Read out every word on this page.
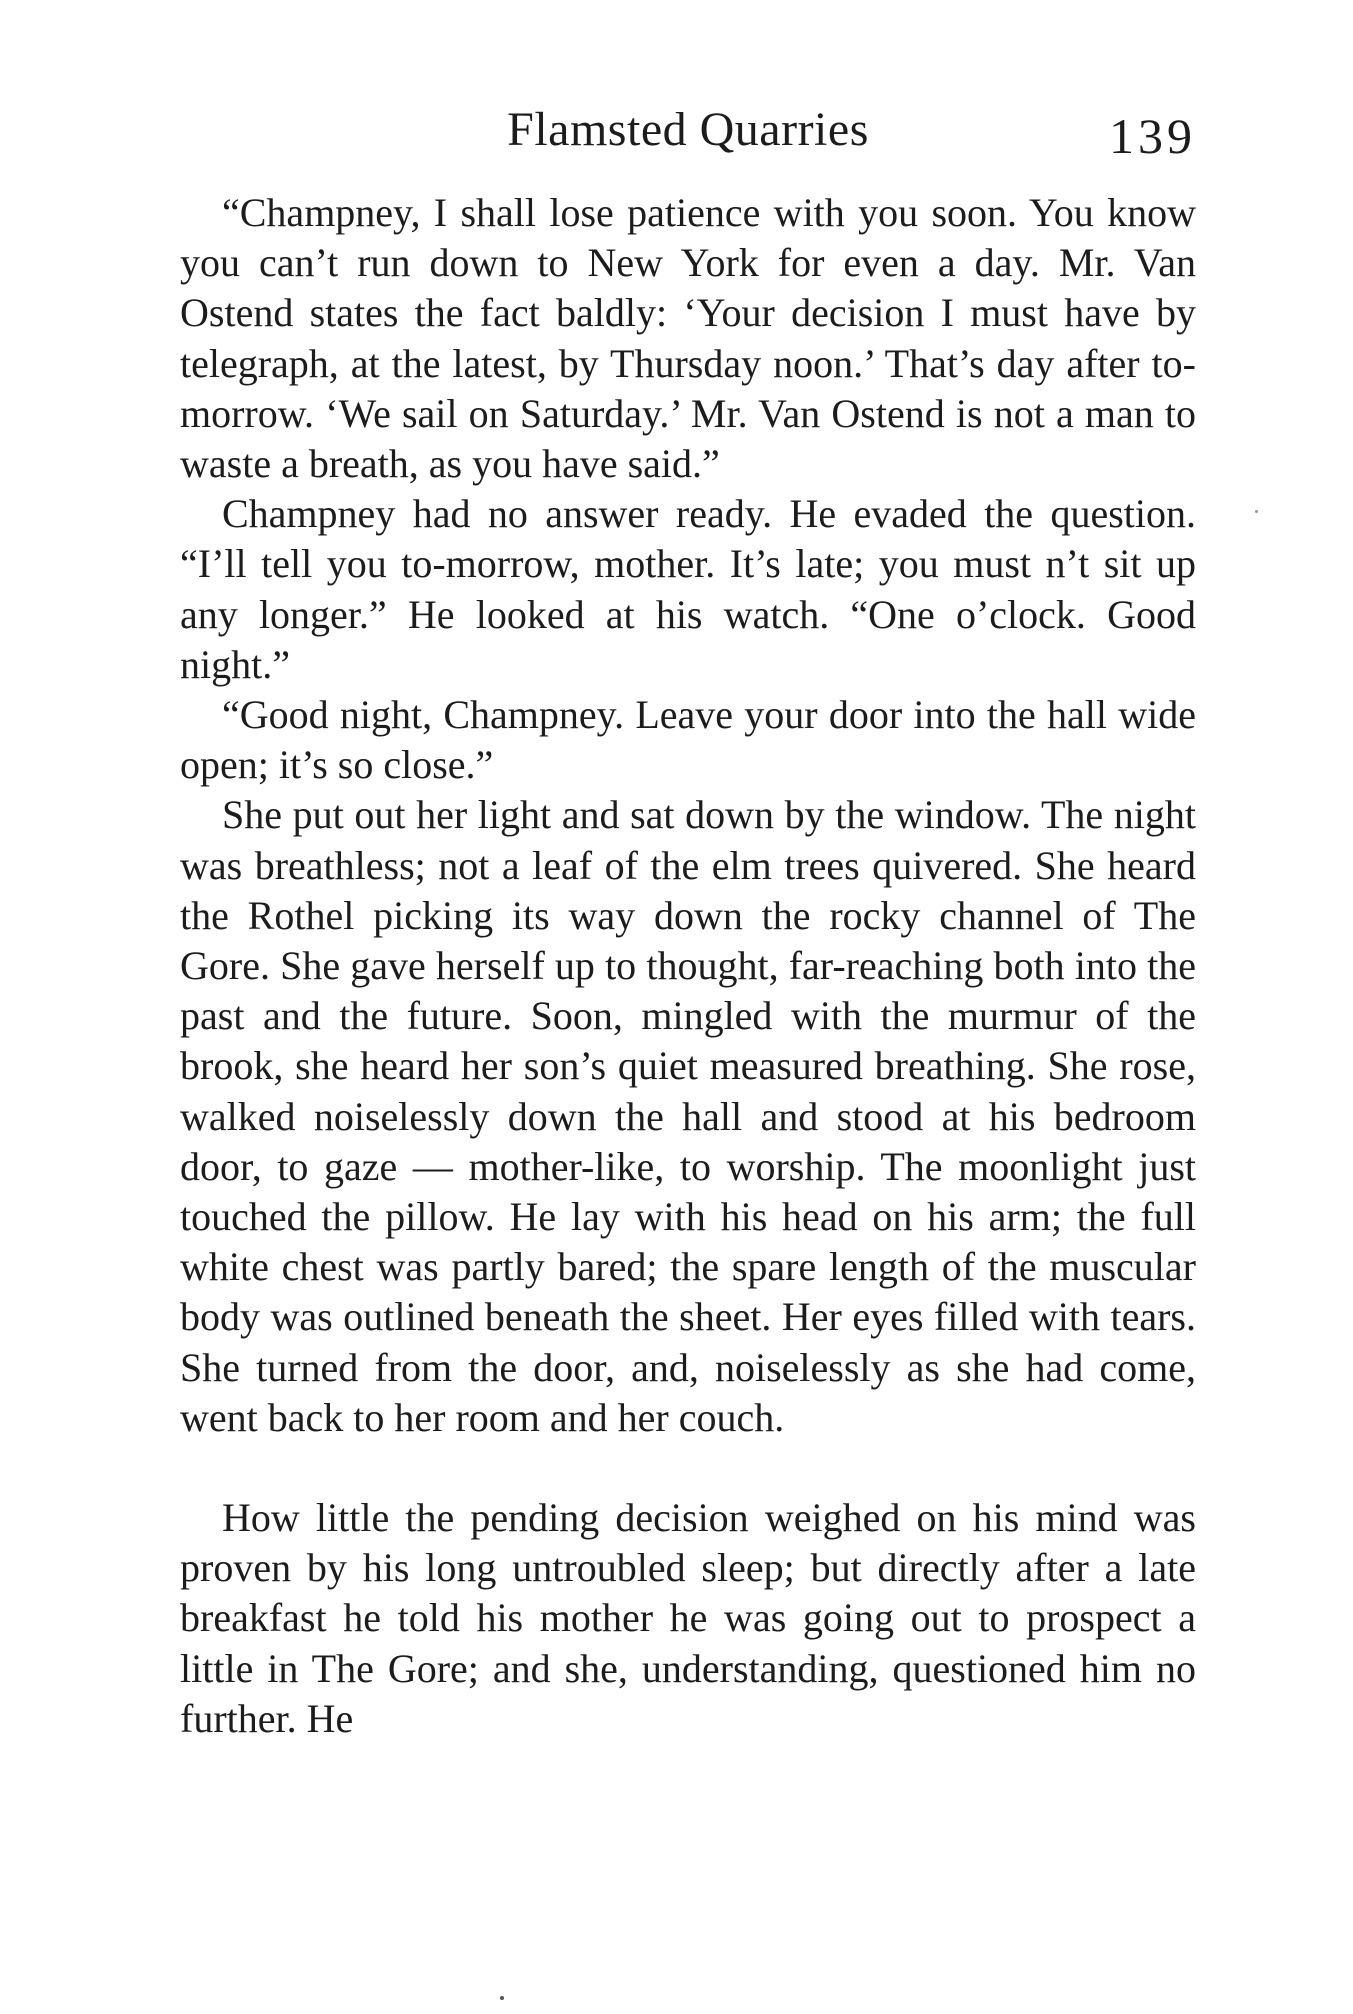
Flamsted Quarries	139

“Champney, I shall lose patience with you soon. You know you can’t run down to New York for even a day. Mr. Van Ostend states the fact baldly: ‘Your decision I must have by telegraph, at the latest, by Thursday noon.’ That’s day after to-morrow. ‘We sail on Saturday.’ Mr. Van Ostend is not a man to waste a breath, as you have said.”

Champney had no answer ready. He evaded the question. “I’ll tell you to-morrow, mother. It’s late; you must n’t sit up any longer.” He looked at his watch. “One o’clock. Good night.”

“Good night, Champney. Leave your door into the hall wide open; it’s so close.”

She put out her light and sat down by the window. The night was breathless; not a leaf of the elm trees quivered. She heard the Rothel picking its way down the rocky channel of The Gore. She gave herself up to thought, far-reaching both into the past and the future. Soon, mingled with the murmur of the brook, she heard her son’s quiet measured breathing. She rose, walked noiselessly down the hall and stood at his bedroom door, to gaze — mother-like, to worship. The moonlight just touched the pillow. He lay with his head on his arm; the full white chest was partly bared; the spare length of the muscular body was outlined beneath the sheet. Her eyes filled with tears. She turned from the door, and, noiselessly as she had come, went back to her room and her couch.

How little the pending decision weighed on his mind was proven by his long untroubled sleep; but directly after a late breakfast he told his mother he was going out to prospect a little in The Gore; and she, understanding, questioned him no further. He
